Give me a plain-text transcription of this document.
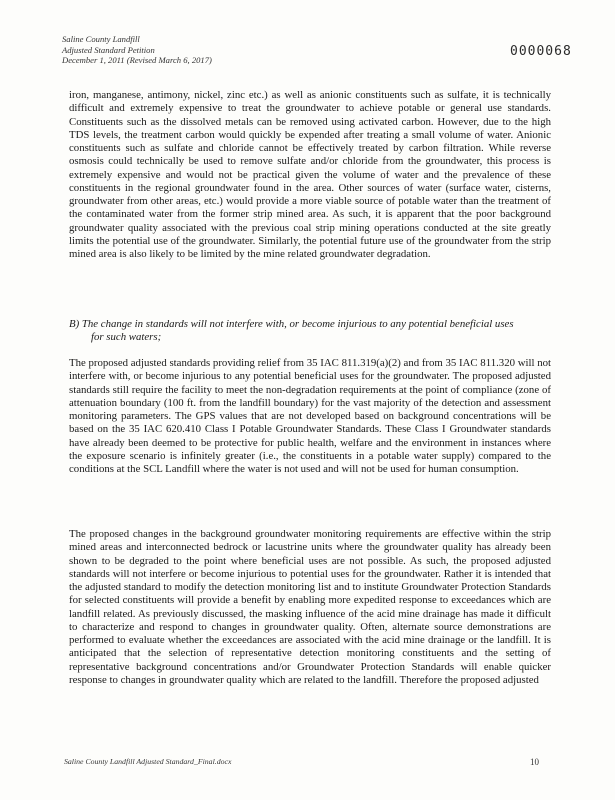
Saline County Landfill
Adjusted Standard Petition
December 1, 2011 (Revised March 6, 2017)
0000068

iron, manganese, antimony, nickel, zinc etc.) as well as anionic constituents such as sulfate, it is technically difficult and extremely expensive to treat the groundwater to achieve potable or general use standards. Constituents such as the dissolved metals can be removed using activated carbon. However, due to the high TDS levels, the treatment carbon would quickly be expended after treating a small volume of water. Anionic constituents such as sulfate and chloride cannot be effectively treated by carbon filtration. While reverse osmosis could technically be used to remove sulfate and/or chloride from the groundwater, this process is extremely expensive and would not be practical given the volume of water and the prevalence of these constituents in the regional groundwater found in the area. Other sources of water (surface water, cisterns, groundwater from other areas, etc.) would provide a more viable source of potable water than the treatment of the contaminated water from the former strip mined area. As such, it is apparent that the poor background groundwater quality associated with the previous coal strip mining operations conducted at the site greatly limits the potential use of the groundwater. Similarly, the potential future use of the groundwater from the strip mined area is also likely to be limited by the mine related groundwater degradation.

B) The change in standards will not interfere with, or become injurious to any potential beneficial uses
for such waters;

The proposed adjusted standards providing relief from 35 IAC 811.319(a)(2) and from 35 IAC 811.320 will not interfere with, or become injurious to any potential beneficial uses for the groundwater. The proposed adjusted standards still require the facility to meet the non-degradation requirements at the point of compliance (zone of attenuation boundary (100 ft. from the landfill boundary) for the vast majority of the detection and assessment monitoring parameters. The GPS values that are not developed based on background concentrations will be based on the 35 IAC 620.410 Class I Potable Groundwater Standards. These Class I Groundwater standards have already been deemed to be protective for public health, welfare and the environment in instances where the exposure scenario is infinitely greater (i.e., the constituents in a potable water supply) compared to the conditions at the SCL Landfill where the water is not used and will not be used for human consumption.

The proposed changes in the background groundwater monitoring requirements are effective within the strip mined areas and interconnected bedrock or lacustrine units where the groundwater quality has already been shown to be degraded to the point where beneficial uses are not possible. As such, the proposed adjusted standards will not interfere or become injurious to potential uses for the groundwater. Rather it is intended that the adjusted standard to modify the detection monitoring list and to institute Groundwater Protection Standards for selected constituents will provide a benefit by enabling more expedited response to exceedances which are landfill related. As previously discussed, the masking influence of the acid mine drainage has made it difficult to characterize and respond to changes in groundwater quality. Often, alternate source demonstrations are performed to evaluate whether the exceedances are associated with the acid mine drainage or the landfill. It is anticipated that the selection of representative detection monitoring constituents and the setting of representative background concentrations and/or Groundwater Protection Standards will enable quicker response to changes in groundwater quality which are related to the landfill. Therefore the proposed adjusted

Saline County Landfill Adjusted Standard_Final.docx	10
